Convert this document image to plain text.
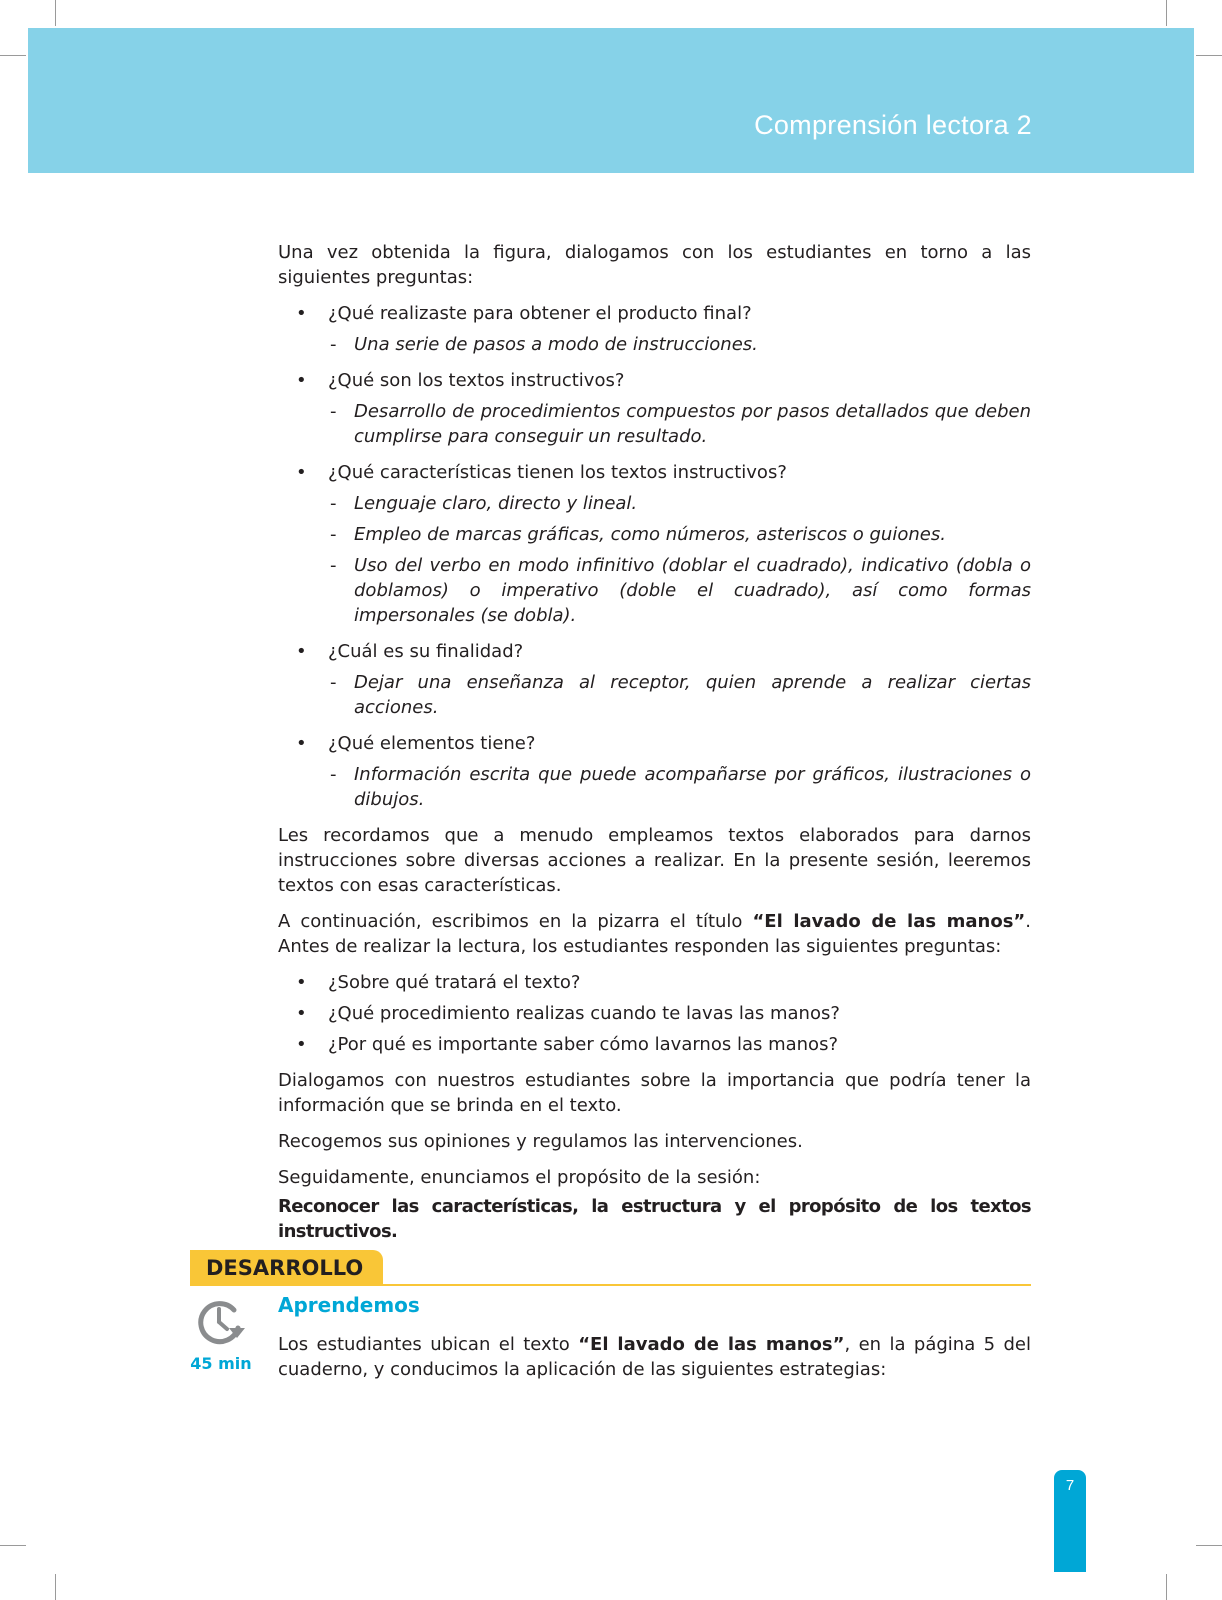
Comprensión lectora 2

Una vez obtenida la figura, dialogamos con los estudiantes en torno a las siguientes preguntas:

• ¿Qué realizaste para obtener el producto final?
- Una serie de pasos a modo de instrucciones.
• ¿Qué son los textos instructivos?
- Desarrollo de procedimientos compuestos por pasos detallados que deben cumplirse para conseguir un resultado.
• ¿Qué características tienen los textos instructivos?
- Lenguaje claro, directo y lineal.
- Empleo de marcas gráficas, como números, asteriscos o guiones.
- Uso del verbo en modo infinitivo (doblar el cuadrado), indicativo (dobla o doblamos) o imperativo (doble el cuadrado), así como formas impersonales (se dobla).
• ¿Cuál es su finalidad?
- Dejar una enseñanza al receptor, quien aprende a realizar ciertas acciones.
• ¿Qué elementos tiene?
- Información escrita que puede acompañarse por gráficos, ilustraciones o dibujos.

Les recordamos que a menudo empleamos textos elaborados para darnos instrucciones sobre diversas acciones a realizar. En la presente sesión, leeremos textos con esas características.

A continuación, escribimos en la pizarra el título “El lavado de las manos”. Antes de realizar la lectura, los estudiantes responden las siguientes preguntas:

• ¿Sobre qué tratará el texto?
• ¿Qué procedimiento realizas cuando te lavas las manos?
• ¿Por qué es importante saber cómo lavarnos las manos?

Dialogamos con nuestros estudiantes sobre la importancia que podría tener la información que se brinda en el texto.

Recogemos sus opiniones y regulamos las intervenciones.

Seguidamente, enunciamos el propósito de la sesión:

Reconocer las características, la estructura y el propósito de los textos instructivos.

DESARROLLO
45 min
Aprendemos

Los estudiantes ubican el texto “El lavado de las manos”, en la página 5 del cuaderno, y conducimos la aplicación de las siguientes estrategias:

7
